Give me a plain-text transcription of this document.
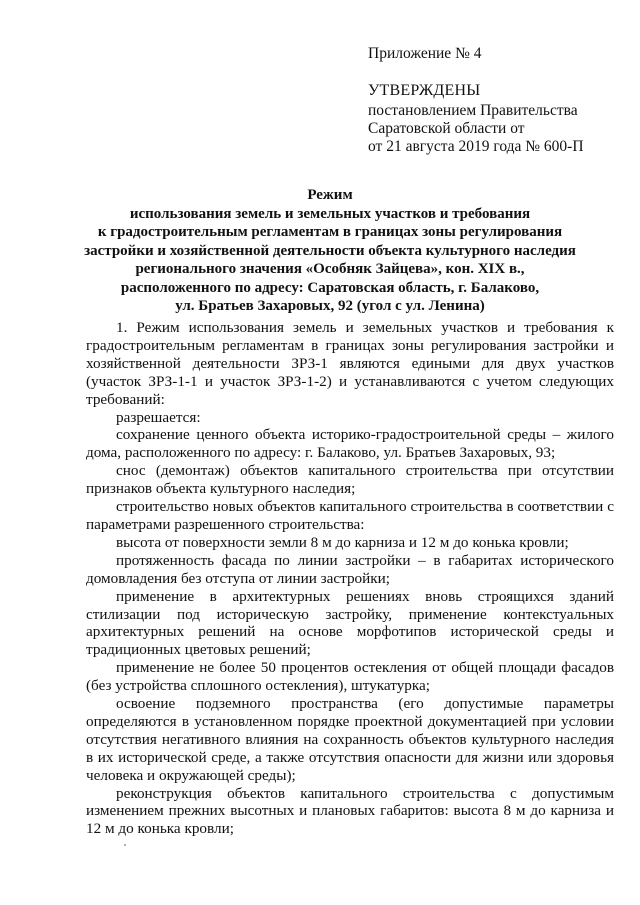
Приложение № 4
УТВЕРЖДЕНЫ
постановлением Правительства
Саратовской области от
от 21 августа 2019 года № 600-П
Режим
использования земель и земельных участков и требования
к градостроительным регламентам в границах зоны регулирования
застройки и хозяйственной деятельности объекта культурного наследия
регионального значения «Особняк Зайцева», кон. XIX в.,
расположенного по адресу: Саратовская область, г. Балаково,
ул. Братьев Захаровых, 92 (угол с ул. Ленина)

1. Режим использования земель и земельных участков и требования к градостроительным регламентам в границах зоны регулирования застройки и хозяйственной деятельности ЗРЗ-1 являются едиными для двух участков (участок ЗРЗ-1-1 и участок ЗРЗ-1-2) и устанавливаются с учетом следующих требований:

разрешается:

сохранение ценного объекта историко-градостроительной среды – жилого дома, расположенного по адресу: г. Балаково, ул. Братьев Захаровых, 93;

снос (демонтаж) объектов капитального строительства при отсутствии признаков объекта культурного наследия;

строительство новых объектов капитального строительства в соответствии с параметрами разрешенного строительства:

высота от поверхности земли 8 м до карниза и 12 м до конька кровли;

протяженность фасада по линии застройки – в габаритах исторического домовладения без отступа от линии застройки;

применение в архитектурных решениях вновь строящихся зданий стилизации под историческую застройку, применение контекстуальных архитектурных решений на основе морфотипов исторической среды и традиционных цветовых решений;

применение не более 50 процентов остекления от общей площади фасадов (без устройства сплошного остекления), штукатурка;

освоение подземного пространства (его допустимые параметры определяются в установленном порядке проектной документацией при условии отсутствия негативного влияния на сохранность объектов культурного наследия в их исторической среде, а также отсутствия опасности для жизни или здоровья человека и окружающей среды);

реконструкция объектов капитального строительства с допустимым изменением прежних высотных и плановых габаритов: высота 8 м до карниза и 12 м до конька кровли;
